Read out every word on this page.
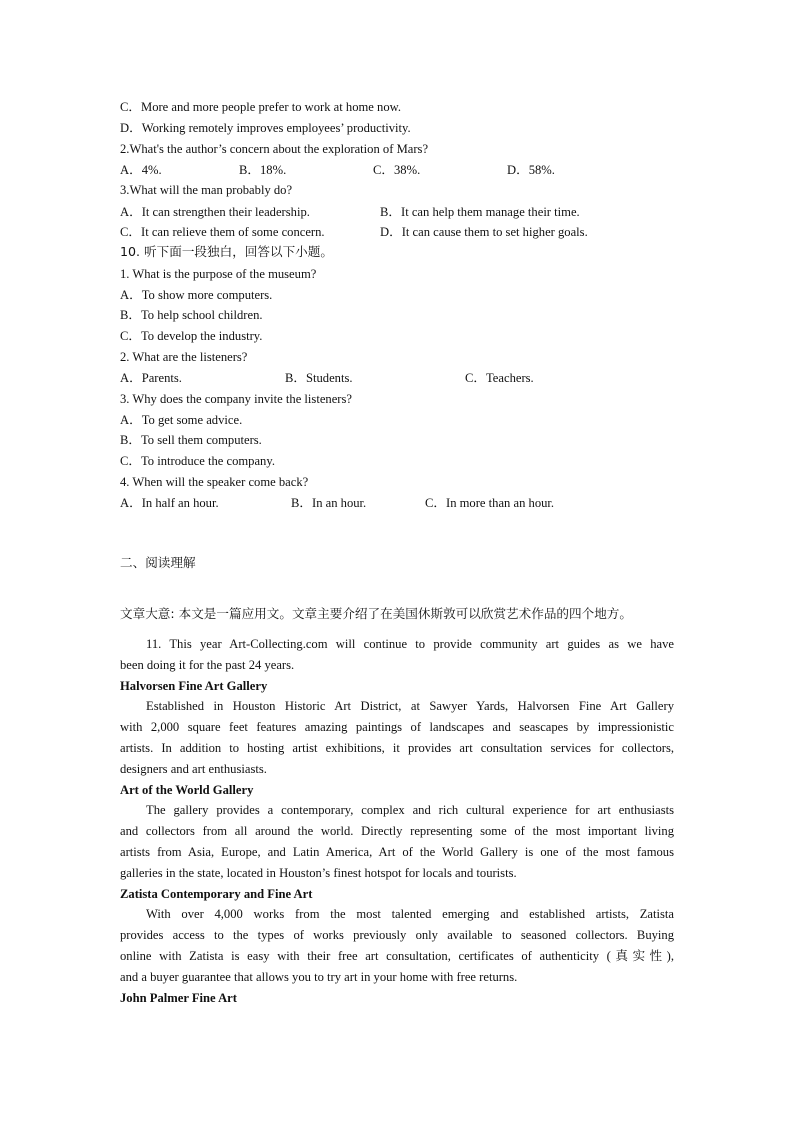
C．More and more people prefer to work at home now.
D．Working remotely improves employees’ productivity.
2.What's the author’s concern about the exploration of Mars?
A．4%.	B．18%.	C．38%.	D．58%.
3.What will the man probably do?
A．It can strengthen their leadership.	B．It can help them manage their time.
C．It can relieve them of some concern.	D．It can cause them to set higher goals.
10. 听下面一段独白，回答以下小题。
1. What is the purpose of the museum?
A．To show more computers.
B．To help school children.
C．To develop the industry.
2. What are the listeners?
A．Parents.	B．Students.	C．Teachers.
3. Why does the company invite the listeners?
A．To get some advice.
B．To sell them computers.
C．To introduce the company.
4. When will the speaker come back?
A．In half an hour.	B．In an hour.	C．In more than an hour.
二、阅读理解
文章大意: 本文是一篇应用文。文章主要介绍了在美国休斯敦可以欣赏艺术作品的四个地方。
11. This year Art-Collecting.com will continue to provide community art guides as we have
been doing it for the past 24 years.
Halvorsen Fine Art Gallery
Established in Houston Historic Art District, at Sawyer Yards, Halvorsen Fine Art Gallery
with 2,000 square feet features amazing paintings of landscapes and seascapes by impressionistic
artists. In addition to hosting artist exhibitions, it provides art consultation services for collectors,
designers and art enthusiasts.
Art of the World Gallery
The gallery provides a contemporary, complex and rich cultural experience for art enthusiasts
and collectors from all around the world. Directly representing some of the most important living
artists from Asia, Europe, and Latin America, Art of the World Gallery is one of the most famous
galleries in the state, located in Houston’s finest hotspot for locals and tourists.
Zatista Contemporary and Fine Art
With over 4,000 works from the most talented emerging and established artists, Zatista
provides access to the types of works previously only available to seasoned collectors. Buying
online with Zatista is easy with their free art consultation, certificates of authenticity (真实性),
and a buyer guarantee that allows you to try art in your home with free returns.
John Palmer Fine Art
